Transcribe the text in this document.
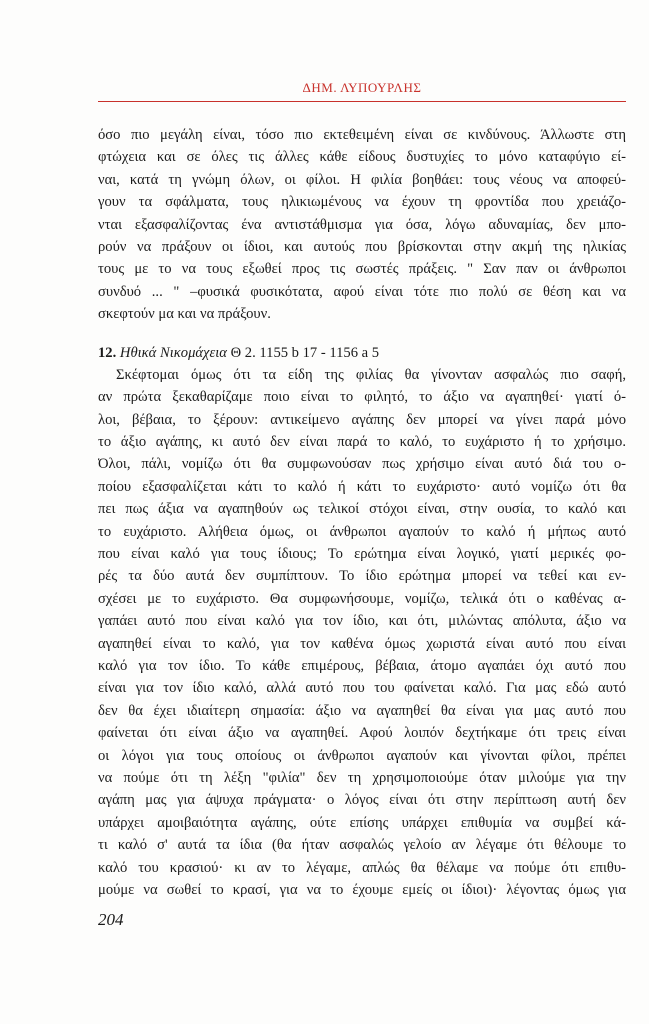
ΔΗΜ. ΛΥΠΟΥΡΛΗΣ
όσο πιο μεγάλη είναι, τόσο πιο εκτεθειμένη είναι σε κινδύνους. Άλλωστε στη
φτώχεια και σε όλες τις άλλες κάθε είδους δυστυχίες το μόνο καταφύγιο εί-
ναι, κατά τη γνώμη όλων, οι φίλοι. Η φιλία βοηθάει: τους νέους να αποφεύ-
γουν τα σφάλματα, τους ηλικιωμένους να έχουν τη φροντίδα που χρειάζο-
νται εξασφαλίζοντας ένα αντιστάθμισμα για όσα, λόγω αδυναμίας, δεν μπο-
ρούν να πράξουν οι ίδιοι, και αυτούς που βρίσκονται στην ακμή της ηλικίας
τους με το να τους εξωθεί προς τις σωστές πράξεις. " Σαν παν οι άνθρωποι
συνδυό ... " –φυσικά φυσικότατα, αφού είναι τότε πιο πολύ σε θέση και να
σκεφτούν μα και να πράξουν.
12. Ηθικά Νικομάχεια Θ 2. 1155 b 17 - 1156 a 5
Σκέφτομαι όμως ότι τα είδη της φιλίας θα γίνονταν ασφαλώς πιο σαφή,
αν πρώτα ξεκαθαρίζαμε ποιο είναι το φιλητό, το άξιο να αγαπηθεί· γιατί ό-
λοι, βέβαια, το ξέρουν: αντικείμενο αγάπης δεν μπορεί να γίνει παρά μόνο
το άξιο αγάπης, κι αυτό δεν είναι παρά το καλό, το ευχάριστο ή το χρήσιμο.
Όλοι, πάλι, νομίζω ότι θα συμφωνούσαν πως χρήσιμο είναι αυτό διά του ο-
ποίου εξασφαλίζεται κάτι το καλό ή κάτι το ευχάριστο· αυτό νομίζω ότι θα
πει πως άξια να αγαπηθούν ως τελικοί στόχοι είναι, στην ουσία, το καλό και
το ευχάριστο. Αλήθεια όμως, οι άνθρωποι αγαπούν το καλό ή μήπως αυτό
που είναι καλό για τους ίδιους; Το ερώτημα είναι λογικό, γιατί μερικές φο-
ρές τα δύο αυτά δεν συμπίπτουν. Το ίδιο ερώτημα μπορεί να τεθεί και εν-
σχέσει με το ευχάριστο. Θα συμφωνήσουμε, νομίζω, τελικά ότι ο καθένας α-
γαπάει αυτό που είναι καλό για τον ίδιο, και ότι, μιλώντας απόλυτα, άξιο να
αγαπηθεί είναι το καλό, για τον καθένα όμως χωριστά είναι αυτό που είναι
καλό για τον ίδιο. Το κάθε επιμέρους, βέβαια, άτομο αγαπάει όχι αυτό που
είναι για τον ίδιο καλό, αλλά αυτό που του φαίνεται καλό. Για μας εδώ αυτό
δεν θα έχει ιδιαίτερη σημασία: άξιο να αγαπηθεί θα είναι για μας αυτό που
φαίνεται ότι είναι άξιο να αγαπηθεί. Αφού λοιπόν δεχτήκαμε ότι τρεις είναι
οι λόγοι για τους οποίους οι άνθρωποι αγαπούν και γίνονται φίλοι, πρέπει
να πούμε ότι τη λέξη "φιλία" δεν τη χρησιμοποιούμε όταν μιλούμε για την
αγάπη μας για άψυχα πράγματα· ο λόγος είναι ότι στην περίπτωση αυτή δεν
υπάρχει αμοιβαιότητα αγάπης, ούτε επίσης υπάρχει επιθυμία να συμβεί κά-
τι καλό σ' αυτά τα ίδια (θα ήταν ασφαλώς γελοίο αν λέγαμε ότι θέλουμε το
καλό του κρασιού· κι αν το λέγαμε, απλώς θα θέλαμε να πούμε ότι επιθυ-
μούμε να σωθεί το κρασί, για να το έχουμε εμείς οι ίδιοι)· λέγοντας όμως για
204
